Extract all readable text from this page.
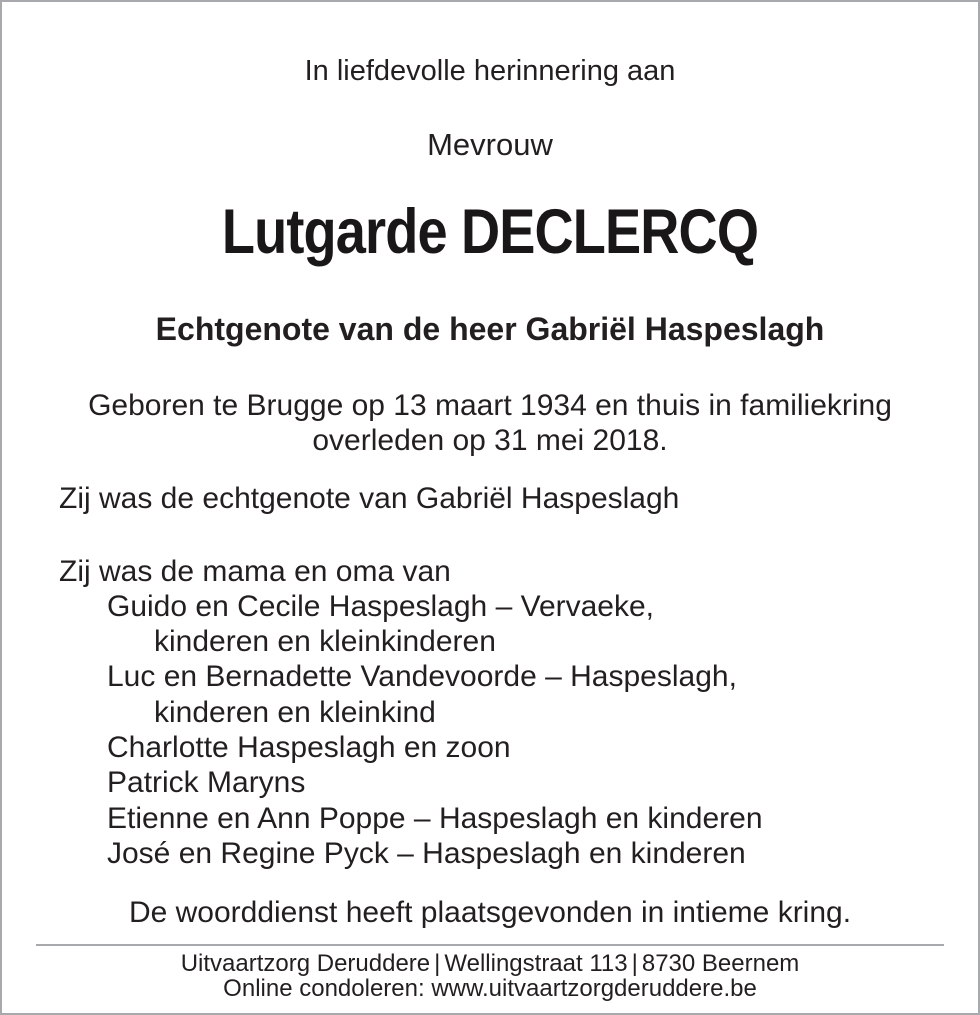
In liefdevolle herinnering aan
Mevrouw
Lutgarde DECLERCQ
Echtgenote van de heer Gabriël Haspeslagh
Geboren te Brugge op 13 maart 1934 en thuis in familiekring
overleden op 31 mei 2018.
Zij was de echtgenote van Gabriël Haspeslagh
Zij was de mama en oma van
Guido en Cecile Haspeslagh – Vervaeke,
kinderen en kleinkinderen
Luc en Bernadette Vandevoorde – Haspeslagh,
kinderen en kleinkind
Charlotte Haspeslagh en zoon
Patrick Maryns
Etienne en Ann Poppe – Haspeslagh en kinderen
José en Regine Pyck – Haspeslagh en kinderen
De woorddienst heeft plaatsgevonden in intieme kring.
Uitvaartzorg Deruddere | Wellingstraat 113 | 8730 Beernem
Online condoleren: www.uitvaartzorgderuddere.be
